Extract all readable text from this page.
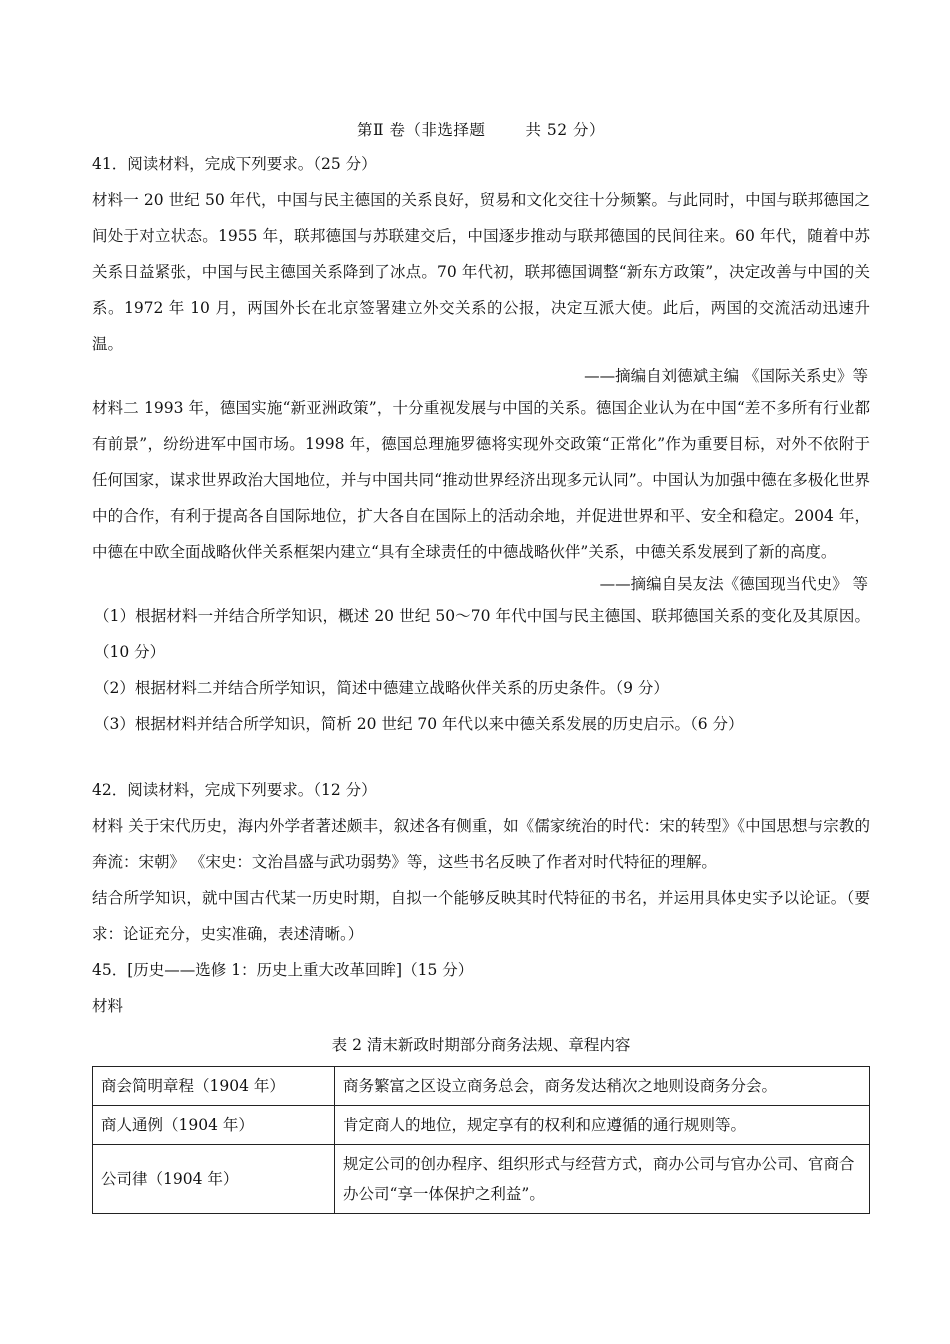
第Ⅱ 卷（非选择题	共 52 分）
41．阅读材料，完成下列要求。（25 分）
材料一 20 世纪 50 年代，中国与民主德国的关系良好，贸易和文化交往十分频繁。与此同时，中国与联邦德国之间处于对立状态。1955 年，联邦德国与苏联建交后，中国逐步推动与联邦德国的民间往来。60 年代，随着中苏关系日益紧张，中国与民主德国关系降到了冰点。70 年代初，联邦德国调整“新东方政策”，决定改善与中国的关系。1972 年 10 月，两国外长在北京签署建立外交关系的公报，决定互派大使。此后，两国的交流活动迅速升温。
——摘编自刘德斌主编 《国际关系史》等
材料二 1993 年，德国实施“新亚洲政策”，十分重视发展与中国的关系。德国企业认为在中国“差不多所有行业都有前景”，纷纷进军中国市场。1998 年，德国总理施罗德将实现外交政策“正常化”作为重要目标，对外不依附于任何国家，谋求世界政治大国地位，并与中国共同“推动世界经济出现多元认同”。中国认为加强中德在多极化世界中的合作，有利于提高各自国际地位，扩大各自在国际上的活动余地，并促进世界和平、安全和稳定。2004 年，中德在中欧全面战略伙伴关系框架内建立“具有全球责任的中德战略伙伴”关系，中德关系发展到了新的高度。
——摘编自吴友法《德国现当代史》 等
（1）根据材料一并结合所学知识，概述 20 世纪 50～70 年代中国与民主德国、联邦德国关系的变化及其原因。（10 分）
（2）根据材料二并结合所学知识，简述中德建立战略伙伴关系的历史条件。（9 分）
（3）根据材料并结合所学知识，简析 20 世纪 70 年代以来中德关系发展的历史启示。（6 分）
42．阅读材料，完成下列要求。（12 分）
材料 关于宋代历史，海内外学者著述颇丰，叙述各有侧重，如《儒家统治的时代：宋的转型》《中国思想与宗教的奔流：宋朝》 《宋史：文治昌盛与武功弱势》等，这些书名反映了作者对时代特征的理解。
结合所学知识，就中国古代某一历史时期，自拟一个能够反映其时代特征的书名，并运用具体史实予以论证。（要求：论证充分，史实准确，表述清晰。）
45．[历史——选修 1：历史上重大改革回眸]（15 分）
材料
表 2 清末新政时期部分商务法规、章程内容
商会简明章程（1904 年）	商务繁富之区设立商务总会，商务发达稍次之地则设商务分会。
商人通例（1904 年）	肯定商人的地位，规定享有的权利和应遵循的通行规则等。
公司律（1904 年）	规定公司的创办程序、组织形式与经营方式，商办公司与官办公司、官商合办公司“享一体保护之利益”。
